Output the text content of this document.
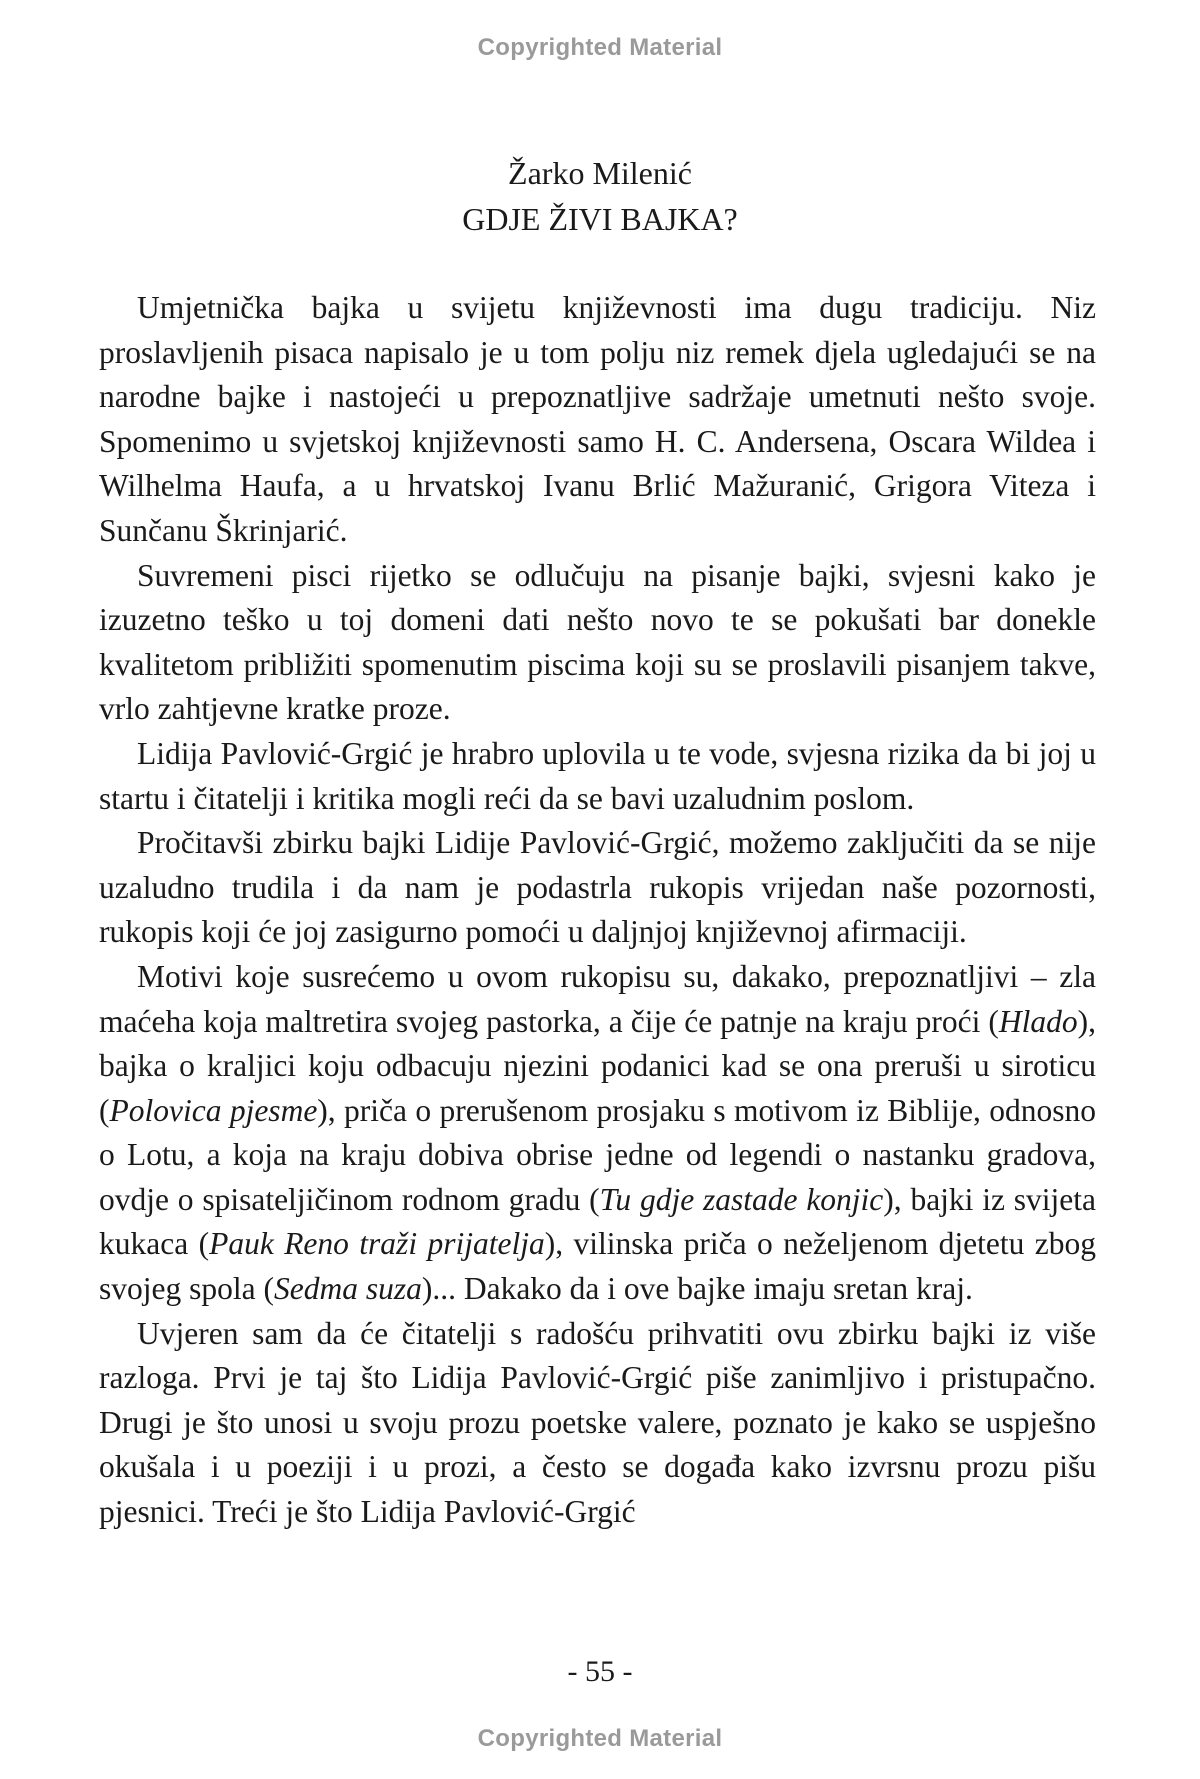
Copyrighted Material
Žarko Milenić
GDJE ŽIVI BAJKA?

Umjetnička bajka u svijetu književnosti ima dugu tradiciju. Niz proslavljenih pisaca napisalo je u tom polju niz remek djela ugledajući se na narodne bajke i nastojeći u prepoznatljive sadržaje umetnuti nešto svoje. Spomenimo u svjetskoj književnosti samo H. C. Andersena, Oscara Wildea i Wilhelma Haufa, a u hrvatskoj Ivanu Brlić Mažuranić, Grigora Viteza i Sunčanu Škrinjarić.

Suvremeni pisci rijetko se odlučuju na pisanje bajki, svjesni kako je izuzetno teško u toj domeni dati nešto novo te se pokušati bar donekle kvalitetom približiti spomenutim piscima koji su se proslavili pisanjem takve, vrlo zahtjevne kratke proze.

Lidija Pavlović-Grgić je hrabro uplovila u te vode, svjesna rizika da bi joj u startu i čitatelji i kritika mogli reći da se bavi uzaludnim poslom.

Pročitavši zbirku bajki Lidije Pavlović-Grgić, možemo zaključiti da se nije uzaludno trudila i da nam je podastrla rukopis vrijedan naše pozornosti, rukopis koji će joj zasigurno pomoći u daljnjoj književnoj afirmaciji.

Motivi koje susrećemo u ovom rukopisu su, dakako, prepoznatljivi – zla maćeha koja maltretira svojeg pastorka, a čije će patnje na kraju proći (Hlado), bajka o kraljici koju odbacuju njezini podanici kad se ona preruši u siroticu (Polovica pjesme), priča o prerušenom prosjaku s motivom iz Biblije, odnosno o Lotu, a koja na kraju dobiva obrise jedne od legendi o nastanku gradova, ovdje o spisateljičinom rodnom gradu (Tu gdje zastade konjic), bajki iz svijeta kukaca (Pauk Reno traži prijatelja), vilinska priča o neželjenom djetetu zbog svojeg spola (Sedma suza)... Dakako da i ove bajke imaju sretan kraj.

Uvjeren sam da će čitatelji s radošću prihvatiti ovu zbirku bajki iz više razloga. Prvi je taj što Lidija Pavlović-Grgić piše zanimljivo i pristupačno. Drugi je što unosi u svoju prozu poetske valere, poznato je kako se uspješno okušala i u poeziji i u prozi, a često se događa kako izvrsnu prozu pišu pjesnici. Treći je što Lidija Pavlović-Grgić

- 55 -
Copyrighted Material
